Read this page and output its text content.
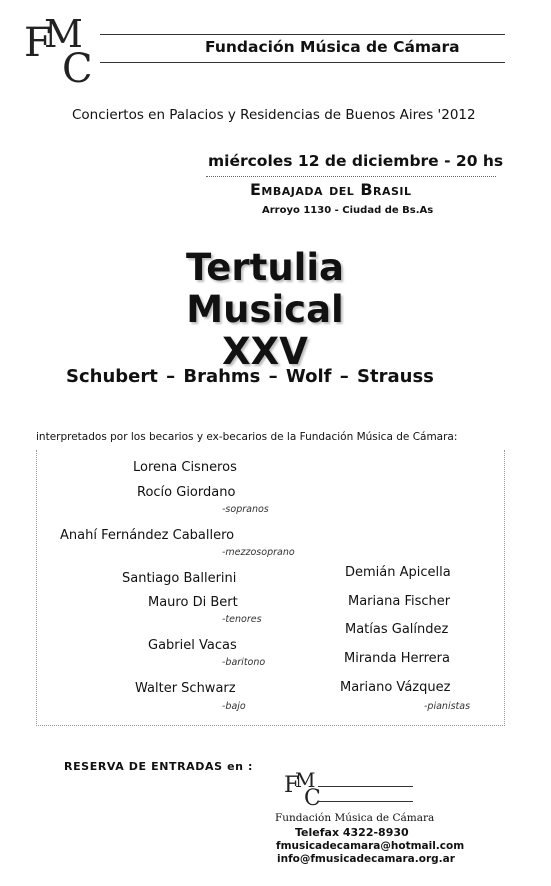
F
M
C	Fundación Música de Cámara
Conciertos en Palacios y Residencias de Buenos Aires '2012
miércoles 12 de diciembre - 20 hs
Embajada del Brasil
Arroyo 1130 - Ciudad de Bs.As
Tertulia Musical
XXV
Schubert – Brahms – Wolf – Strauss
interpretados por los becarios y ex-becarios de la Fundación Música de Cámara:
Lorena Cisneros
Rocío Giordano
-sopranos
Anahí Fernández Caballero
-mezzosoprano
Santiago Ballerini
Mauro Di Bert
-tenores
Gabriel Vacas
-baritono
Walter Schwarz
-bajo
Demián Apicella
Mariana Fischer
Matías Galíndez
Miranda Herrera
Mariano Vázquez
-pianistas
RESERVA DE ENTRADAS en :
F
M
C
Fundación Música de Cámara
Telefax 4322-8930
fmusicadecamara@hotmail.com
info@fmusicadecamara.org.ar
